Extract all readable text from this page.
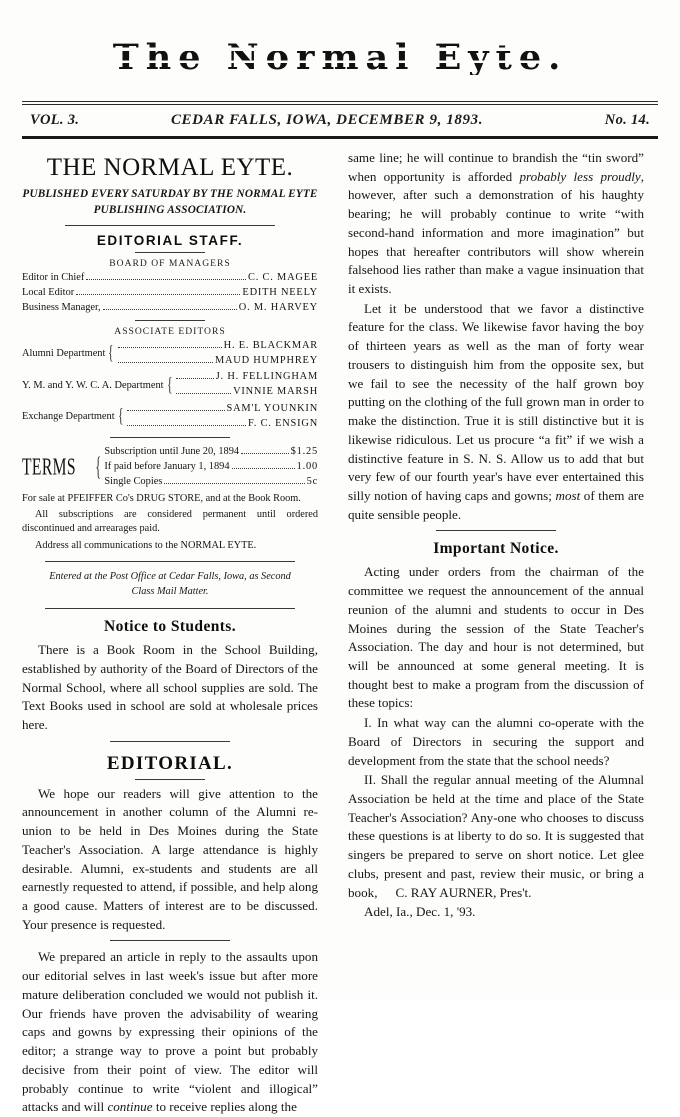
The Normal Eyte.
VOL. 3.	CEDAR FALLS, IOWA, DECEMBER 9, 1893.	No. 14.
THE NORMAL EYTE.
PUBLISHED EVERY SATURDAY BY THE NORMAL EYTE
PUBLISHING ASSOCIATION.
EDITORIAL STAFF.
BOARD OF MANAGERS
Editor in Chief	C. C. MAGEE
Local Editor	EDITH NEELY
Business Manager,	O. M. HARVEY
ASSOCIATE EDITORS
Alumni Department {	H. E. BLACKMAR
MAUD HUMPHREY
Y. M. and Y. W. C. A. Department {	J. H. FELLINGHAM
VINNIE MARSH
Exchange Department {	SAM'L YOUNKIN
F. C. ENSIGN
TERMS {
Subscription until June 20, 1894	$1.25
If paid before January 1, 1894	1.00
Single Copies	5c

For sale at PFEIFFER Co's DRUG STORE, and at the Book Room.

All subscriptions are considered permanent until ordered discontinued and arrearages paid.

Address all communications to the NORMAL EYTE.

Entered at the Post Office at Cedar Falls, Iowa, as Second

Class Mail Matter.

Notice to Students.

There is a Book Room in the School Building, established by authority of the Board of Directors of the Normal School, where all school supplies are sold. The Text Books used in school are sold at wholesale prices here.

EDITORIAL.

We hope our readers will give attention to the announcement in another column of the Alumni re-union to be held in Des Moines during the State Teacher's Association. A large attendance is highly desirable. Alumni, ex-students and students are all earnestly requested to attend, if possible, and help along a good cause. Matters of interest are to be discussed. Your presence is requested.

We prepared an article in reply to the assaults upon our editorial selves in last week's issue but after more mature deliberation concluded we would not publish it. Our friends have proven the advisability of wearing caps and gowns by expressing their opinions of the editor; a strange way to prove a point but probably decisive from their point of view. The editor will probably continue to write “violent and illogical” attacks and will continue to receive replies along the

same line; he will continue to brandish the “tin sword” when opportunity is afforded probably less proudly, however, after such a demonstration of his haughty bearing; he will probably continue to write “with second-hand information and more imagination” but hopes that hereafter contributors will show wherein falsehood lies rather than make a vague insinuation that it exists.

Let it be understood that we favor a distinctive feature for the class. We likewise favor having the boy of thirteen years as well as the man of forty wear trousers to distinguish him from the opposite sex, but we fail to see the necessity of the half grown boy putting on the clothing of the full grown man in order to make the distinction. True it is still distinctive but it is likewise ridiculous. Let us procure “a fit” if we wish a distinctive feature in S. N. S. Allow us to add that but very few of our fourth year's have ever entertained this silly notion of having caps and gowns; most of them are quite sensible people.

Important Notice.

Acting under orders from the chairman of the committee we request the announcement of the annual reunion of the alumni and students to occur in Des Moines during the session of the State Teacher's Association. The day and hour is not determined, but will be announced at some general meeting. It is thought best to make a program from the discussion of these topics:

I. In what way can the alumni co-operate with the Board of Directors in securing the support and development from the state that the school needs?

II. Shall the regular annual meeting of the Alumnal Association be held at the time and place of the State Teacher's Association? Any-one who chooses to discuss these questions is at liberty to do so. It is suggested that singers be prepared to serve on short notice. Let glee clubs, present and past, review their music, or bring a book, C. RAY AURNER, Pres't.

Adel, Ia., Dec. 1, '93.
